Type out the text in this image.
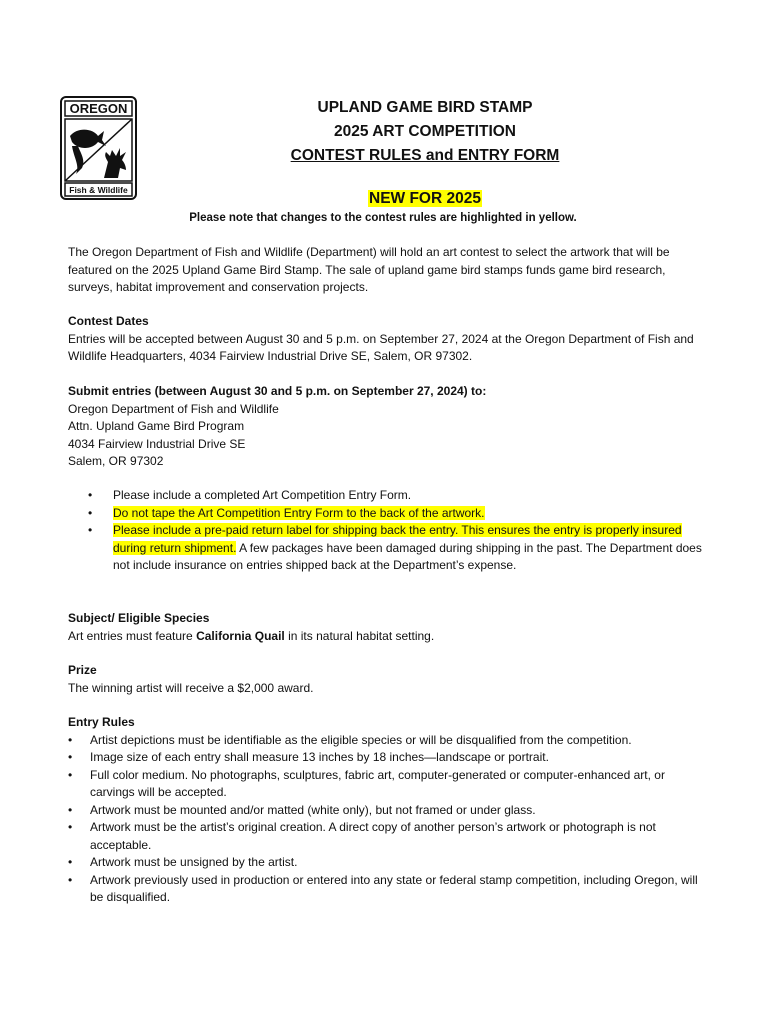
OREGON
Fish & Wildlife
UPLAND GAME BIRD STAMP
2025 ART COMPETITION
CONTEST RULES and ENTRY FORM
NEW FOR 2025
Please note that changes to the contest rules are highlighted in yellow.

The Oregon Department of Fish and Wildlife (Department) will hold an art contest to select the artwork that will be featured on the 2025 Upland Game Bird Stamp. The sale of upland game bird stamps funds game bird research, surveys, habitat improvement and conservation projects.

Contest Dates

Entries will be accepted between August 30 and 5 p.m. on September 27, 2024 at the Oregon Department of Fish and Wildlife Headquarters, 4034 Fairview Industrial Drive SE, Salem, OR 97302.

Submit entries (between August 30 and 5 p.m. on September 27, 2024) to:

Oregon Department of Fish and Wildlife

Attn. Upland Game Bird Program

4034 Fairview Industrial Drive SE

Salem, OR 97302

• Please include a completed Art Competition Entry Form.
• Do not tape the Art Competition Entry Form to the back of the artwork.
• Please include a pre-paid return label for shipping back the entry. This ensures the entry is properly insured during return shipment. A few packages have been damaged during shipping in the past. The Department does not include insurance on entries shipped back at the Department’s expense.

Subject/ Eligible Species

Art entries must feature California Quail in its natural habitat setting.

Prize

The winning artist will receive a $2,000 award.

Entry Rules

• Artist depictions must be identifiable as the eligible species or will be disqualified from the competition.
• Image size of each entry shall measure 13 inches by 18 inches—landscape or portrait.
• Full color medium. No photographs, sculptures, fabric art, computer-generated or computer-enhanced art, or carvings will be accepted.
• Artwork must be mounted and/or matted (white only), but not framed or under glass.
• Artwork must be the artist’s original creation. A direct copy of another person’s artwork or photograph is not acceptable.
• Artwork must be unsigned by the artist.
• Artwork previously used in production or entered into any state or federal stamp competition, including Oregon, will be disqualified.
